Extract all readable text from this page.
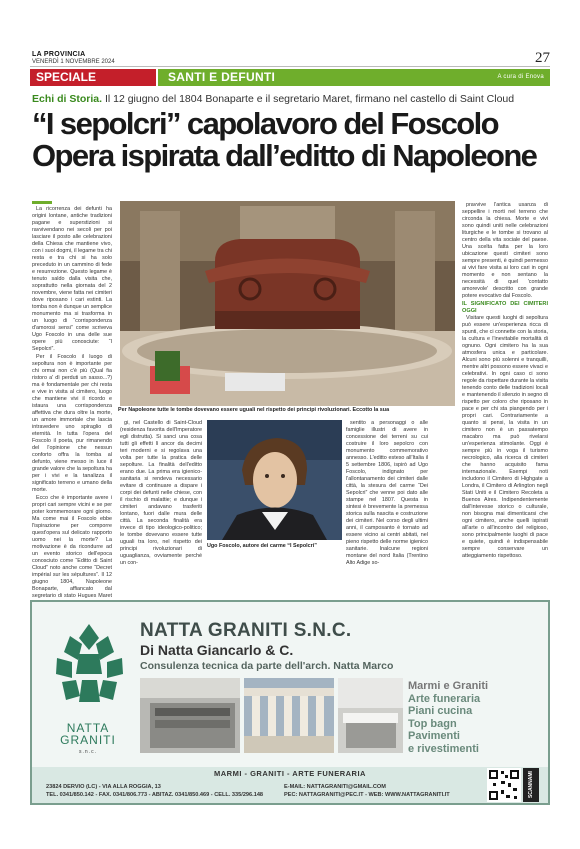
LA PROVINCIA
VENERDÌ 1 NOVEMBRE 2024	27
SPECIALE	SANTI E DEFUNTI	A cura di Enova
Echi di Storia. Il 12 giugno del 1804 Bonaparte e il segretario Maret, firmano nel castello di Saint Cloud
“I sepolcri” capolavoro del Foscolo
Opera ispirata dall’editto di Napoleone

La ricorrenza dei defunti ha origini lontane, antiche tradizioni pagane e superstizioni si ravvivendano nei secoli per poi lasciare il posto alle celebrazioni della Chiesa che mantiene vivo, con i suoi dogmi, il legame tra chi resta e tra chi si ha solo preceduto in un cammino di fede e resurrezione. Questo legame è tenuto saldo dalla visita che, soprattutto nella giornata del 2 novembre, viene fatta nei cimiteri dove riposano i cari estinti. La tomba non è dunque un semplice monumento ma si trasforma in un luogo di “corrispondenza d'amorosi sensi” come scriveva Ugo Foscolo in una delle sue opere più conosciute: “I Sepolcri”.

Per il Foscolo il luogo di sepoltura non è importante per chi ormai non c'è più (Qual fia ristoro a' dì perduti un sasso...?) ma è fondamentale per chi resta e vive in visita al cimitero, luogo che mantiene vivi il ricordo e istaura una corrispondenza affettiva che dura oltre la morte, un amore immortale che lascia intravedere uno spiraglio di eternità. In tutta l'opera del Foscolo il poeta, pur rimanendo del l'opinione che nessun conforto offra la tomba al defunto, viene messo in luce il grande valore che la sepoltura ha per i vivi e la tanalizza il significato terreno e umano della morte.

Ecco che è importante avere i propri cari sempre vicini e se per poter kommemorare ogni giorno. Ma come mai il Foscolo ebbe l'ispirazione per comporre quest'opera sul delicato rapporto uomo nei la morte? La motivazione è da ricondurre ad un evento storico dell'epoca conosciuto come “Editto di Saint Cloud” noto anche come “Decret impérial sur les sépultures”. Il 12 giugno 1804, Napoleone Bonaparte, affiancato dal segretario di stato Hugues Maret

Per Napoleone tutte le tombe dovevano essere uguali nel rispetto dei principi rivoluzionari. Eccotto la sua

gi, nel Castello di Saint-Cloud (residenza favorita dell'Imperatore egli distrutta). Si sancì una cosa tutti gli effetti lì ancor da decimi teri moderni e si regolava una volta per tutte la pratica delle sepolture. La finalità dell'editto erano due. La prima era igienico-sanitaria si rendeva necessario evitare di continuare a dispare i corpi dei defunti nelle chiese, con il rischio di malattie; e dunque i cimiteri andavano trasferiti lontano, fuori dalle mura delle città. La seconda finalità era invece di tipo ideologico-politico; le tombe dovevano essere tutte uguali tra loro, nel rispetto dei principi rivoluzionari di uguaglianza, ovviamente perché un con-

Ugo Foscolo, autore dei carme “I Sepolcri”

sentito a personaggi o alle famiglie illustri di avere in concessione dei terreni su cui costruire il loro sepolcro con monumento commemorativo annesso. L'editto esteso all'Italia il 5 settembre 1806, ispirò ad Ugo Foscolo, indignato per l'allontanamento dei cimiteri dalle città, la stesura del carme “Dei Sepolcri” che venne poi dato alle stampe nel 1807. Questa in sintesi è brevemente la premessa storica sulla nascita e costruzione dei cimiteri. Nel corso degli ultimi anni, il camposanto è tornato ad essere vicino ai centri abitati, nel pieno rispetto delle norme igienico sanitarie. Inalcune regioni montane del nord Italia (Trentino Alto Adige so-

pravvive l'antica usanza di seppellire i morti nel terreno che circonda la chiesa. Morte e vivi sono quindi uniti nelle celebrazioni liturgiche e le tombe si trovano al centro della vita sociale del paese. Una scelta fatta per la loro ubicazione questi cimiteri sono sempre presenti, è quindi permesso ai vivi fare visita ai loro cari in ogni momento e non sentano la necessità di quel 'contatto amorevole' descritto con grande potere evocativo dal Foscolo.

IL SIGNIFICATO DEI CIMITERI OGGI

Visitare questi luoghi di sepoltura può essere un'esperienza ricca di spunti, che ci connette con la storia, la cultura e l'inevitabile mortalità di ognuno. Ogni cimitero ha la sua atmosfera unica e particolare. Alcuni sono più solenni e tranquilli, mentre altri possono essere vivaci e celebrativi. In ogni caso ci sono regole da rispettare durante la visita tenendo conto delle tradizioni locali e mantenendo il silenzio in segno di rispetto per coloro che riposano in pace e per chi sta piangendo per i propri cari. Contrariamente a quanto si pensi, la visita in un cimitero non è un passatempo macabro ma può rivelarsi un'esperienza stimolante. Oggi è sempre più in voga il turismo necrologico, alla ricerca di cimiteri che hanno acquisito fama internazionale. Esempi noti includono il Cimitero di Highgate a Londra, il Cimitero di Arlington negli Stati Uniti e il Cimitero Recoleta a Buenos Aires. Indipendentemente dall'interesse storico o culturale, non bisogna mai dimenticarsi che ogni cimitero, anche quelli ispirati all'arte o all'incontro del religioso, sono principalmente luoghi di pace e quiete, quindi è indispensabile sempre conservare un atteggiamento rispettoso.

NATTA GRANITI
s.n.c.
NATTA GRANITI S.N.C.
Di Natta Giancarlo & C.
Consulenza tecnica da parte dell'arch. Natta Marco
Marmi e Graniti
Arte funeraria
Piani cucina
Top bagn
Pavimenti
e rivestimenti
SCANNAMI
MARMI - GRANITI - ARTE FUNERARIA
23824 DERVIO (LC) - VIA ALLA ROGGIA, 13
TEL. 0341/850.142 - FAX. 0341/806.773 - ABITAZ. 0341/850.469 - CELL. 335/296.148
E-MAIL: NATTAGRANITI@GMAIL.COM
PEC: NATTAGRANITI@PEC.IT - WEB: WWW.NATTAGRANITI.IT
